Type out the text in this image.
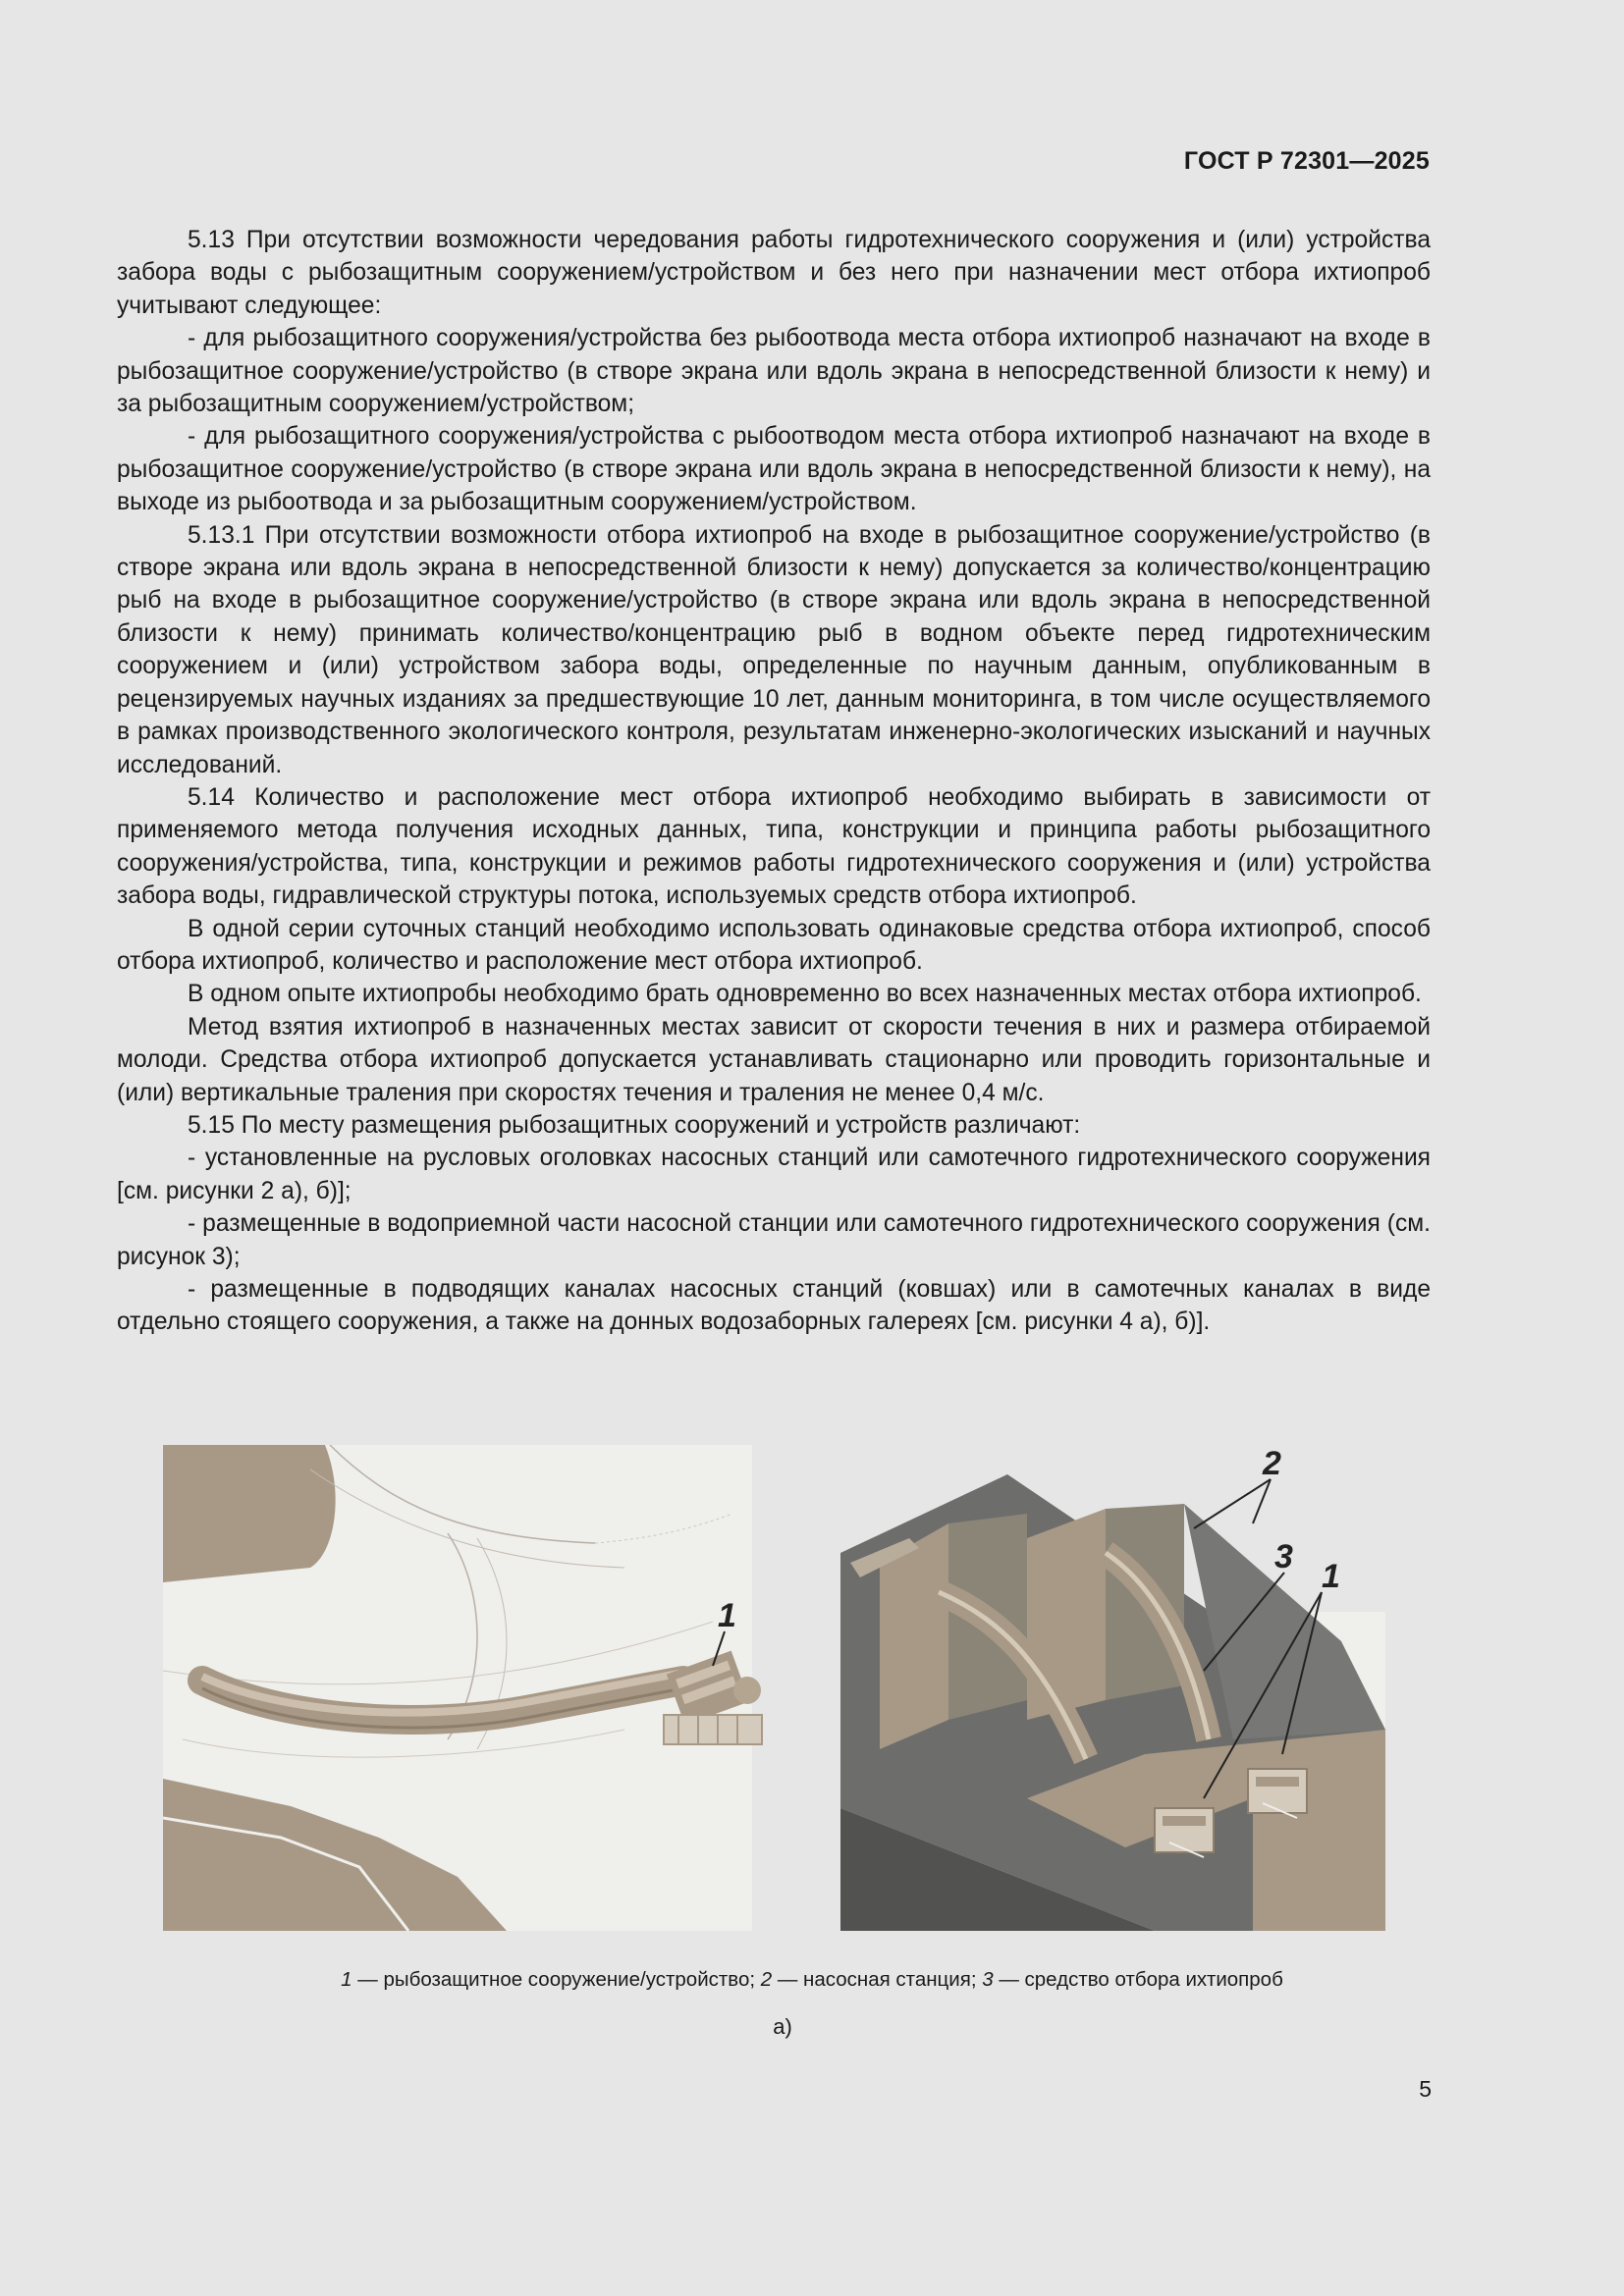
ГОСТ Р 72301—2025

5.13 При отсутствии возможности чередования работы гидротехнического сооружения и (или) устройства забора воды с рыбозащитным сооружением/устройством и без него при назначении мест отбора ихтиопроб учитывают следующее:

- для рыбозащитного сооружения/устройства без рыбоотвода места отбора ихтиопроб назначают на входе в рыбозащитное сооружение/устройство (в створе экрана или вдоль экрана в непосредственной близости к нему) и за рыбозащитным сооружением/устройством;

- для рыбозащитного сооружения/устройства с рыбоотводом места отбора ихтиопроб назначают на входе в рыбозащитное сооружение/устройство (в створе экрана или вдоль экрана в непосредственной близости к нему), на выходе из рыбоотвода и за рыбозащитным сооружением/устройством.

5.13.1 При отсутствии возможности отбора ихтиопроб на входе в рыбозащитное сооружение/устройство (в створе экрана или вдоль экрана в непосредственной близости к нему) допускается за количество/концентрацию рыб на входе в рыбозащитное сооружение/устройство (в створе экрана или вдоль экрана в непосредственной близости к нему) принимать количество/концентрацию рыб в водном объекте перед гидротехническим сооружением и (или) устройством забора воды, определенные по научным данным, опубликованным в рецензируемых научных изданиях за предшествующие 10 лет, данным мониторинга, в том числе осуществляемого в рамках производственного экологического контроля, результатам инженерно-экологических изысканий и научных исследований.

5.14 Количество и расположение мест отбора ихтиопроб необходимо выбирать в зависимости от применяемого метода получения исходных данных, типа, конструкции и принципа работы рыбозащитного сооружения/устройства, типа, конструкции и режимов работы гидротехнического сооружения и (или) устройства забора воды, гидравлической структуры потока, используемых средств отбора ихтиопроб.

В одной серии суточных станций необходимо использовать одинаковые средства отбора ихтиопроб, способ отбора ихтиопроб, количество и расположение мест отбора ихтиопроб.

В одном опыте ихтиопробы необходимо брать одновременно во всех назначенных местах отбора ихтиопроб.

Метод взятия ихтиопроб в назначенных местах зависит от скорости течения в них и размера отбираемой молоди. Средства отбора ихтиопроб допускается устанавливать стационарно или проводить горизонтальные и (или) вертикальные траления при скоростях течения и траления не менее 0,4 м/с.

5.15 По месту размещения рыбозащитных сооружений и устройств различают:

- установленные на русловых оголовках насосных станций или самотечного гидротехнического сооружения [см. рисунки 2 а), б)];

- размещенные в водоприемной части насосной станции или самотечного гидротехнического сооружения (см. рисунок 3);

- размещенные в подводящих каналах насосных станций (ковшах) или в самотечных каналах в виде отдельно стоящего сооружения, а также на донных водозаборных галереях [см. рисунки 4 а), б)].

1
2
3
1
1 — рыбозащитное сооружение/устройство; 2 — насосная станция; 3 — средство отбора ихтиопроб
а)
5
